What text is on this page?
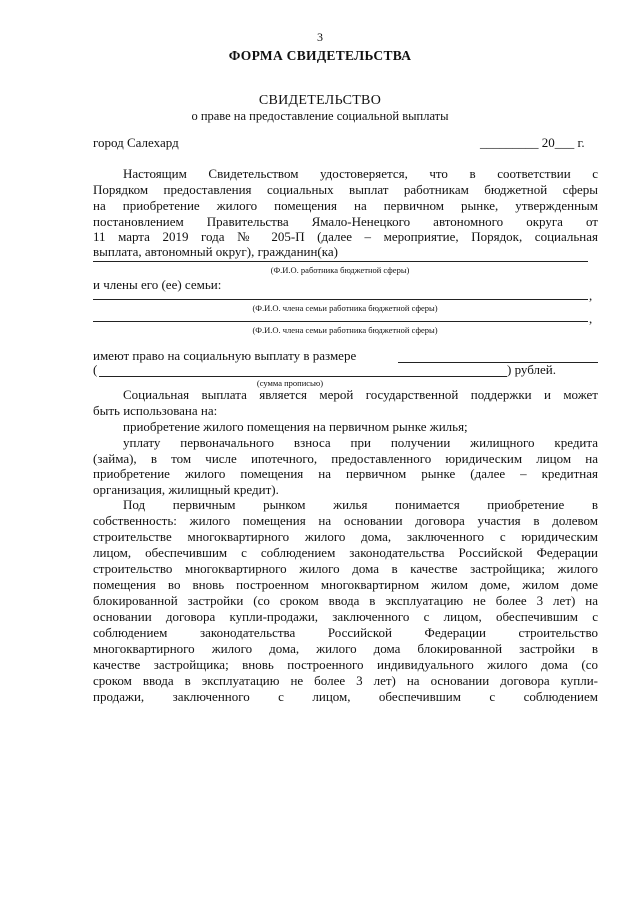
3
ФОРМА СВИДЕТЕЛЬСТВА
СВИДЕТЕЛЬСТВО
о праве на предоставление социальной выплаты
город Салехард	_________ 20___ г.
Настоящим Свидетельством удостоверяется, что в соответствии с
Порядком предоставления социальных выплат работникам бюджетной сферы
на приобретение жилого помещения на первичном рынке, утвержденным
постановлением Правительства Ямало-Ненецкого автономного округа от
11 марта 2019 года № 205-П (далее – мероприятие, Порядок, социальная
выплата, автономный округ), гражданин(ка)
(Ф.И.О. работника бюджетной сферы)
и члены его (ее) семьи:
,
(Ф.И.О. члена семьи работника бюджетной сферы)
,
(Ф.И.О. члена семьи работника бюджетной сферы)
имеют право на социальную выплату в размере
(	) рублей.
(сумма прописью)
Социальная выплата является мерой государственной поддержки и может
быть использована на:
приобретение жилого помещения на первичном рынке жилья;
уплату первоначального взноса при получении жилищного кредита
(займа), в том числе ипотечного, предоставленного юридическим лицом на
приобретение жилого помещения на первичном рынке (далее – кредитная
организация, жилищный кредит).
Под первичным рынком жилья понимается приобретение в
собственность: жилого помещения на основании договора участия в долевом
строительстве многоквартирного жилого дома, заключенного с юридическим
лицом, обеспечившим с соблюдением законодательства Российской Федерации
строительство многоквартирного жилого дома в качестве застройщика; жилого
помещения во вновь построенном многоквартирном жилом доме, жилом доме
блокированной застройки (со сроком ввода в эксплуатацию не более 3 лет) на
основании договора купли-продажи, заключенного с лицом, обеспечившим с
соблюдением законодательства Российской Федерации строительство
многоквартирного жилого дома, жилого дома блокированной застройки в
качестве застройщика; вновь построенного индивидуального жилого дома (со
сроком ввода в эксплуатацию не более 3 лет) на основании договора купли-
продажи, заключенного с лицом, обеспечившим с соблюдением
